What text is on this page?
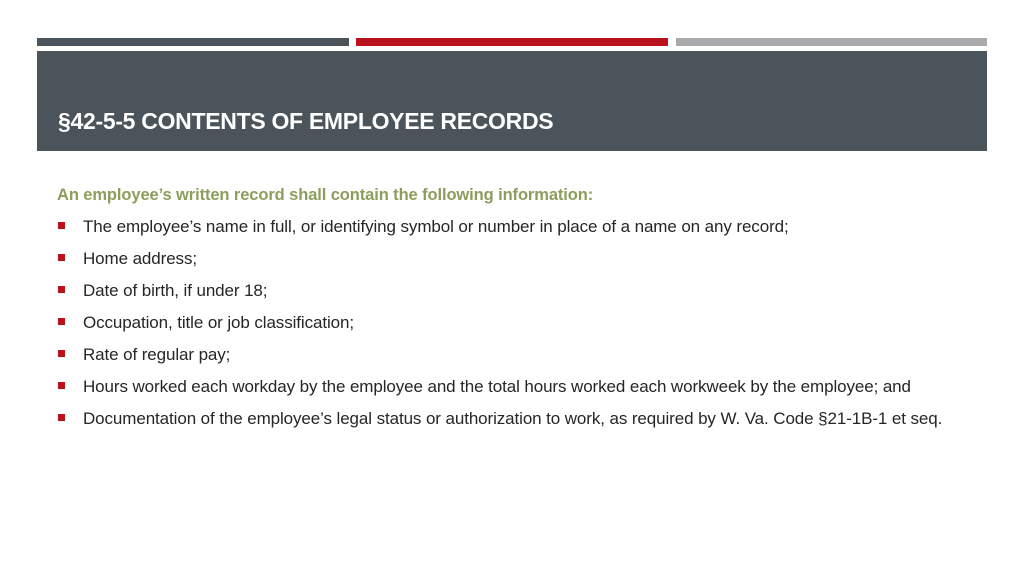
§42-5-5 CONTENTS OF EMPLOYEE RECORDS

An employee’s written record shall contain the following information:

The employee’s name in full, or identifying symbol or number in place of a name on any record;
Home address;
Date of birth, if under 18;
Occupation, title or job classification;
Rate of regular pay;
Hours worked each workday by the employee and the total hours worked each workweek by the employee; and
Documentation of the employee’s legal status or authorization to work, as required by W. Va. Code §21-1B-1 et seq.
